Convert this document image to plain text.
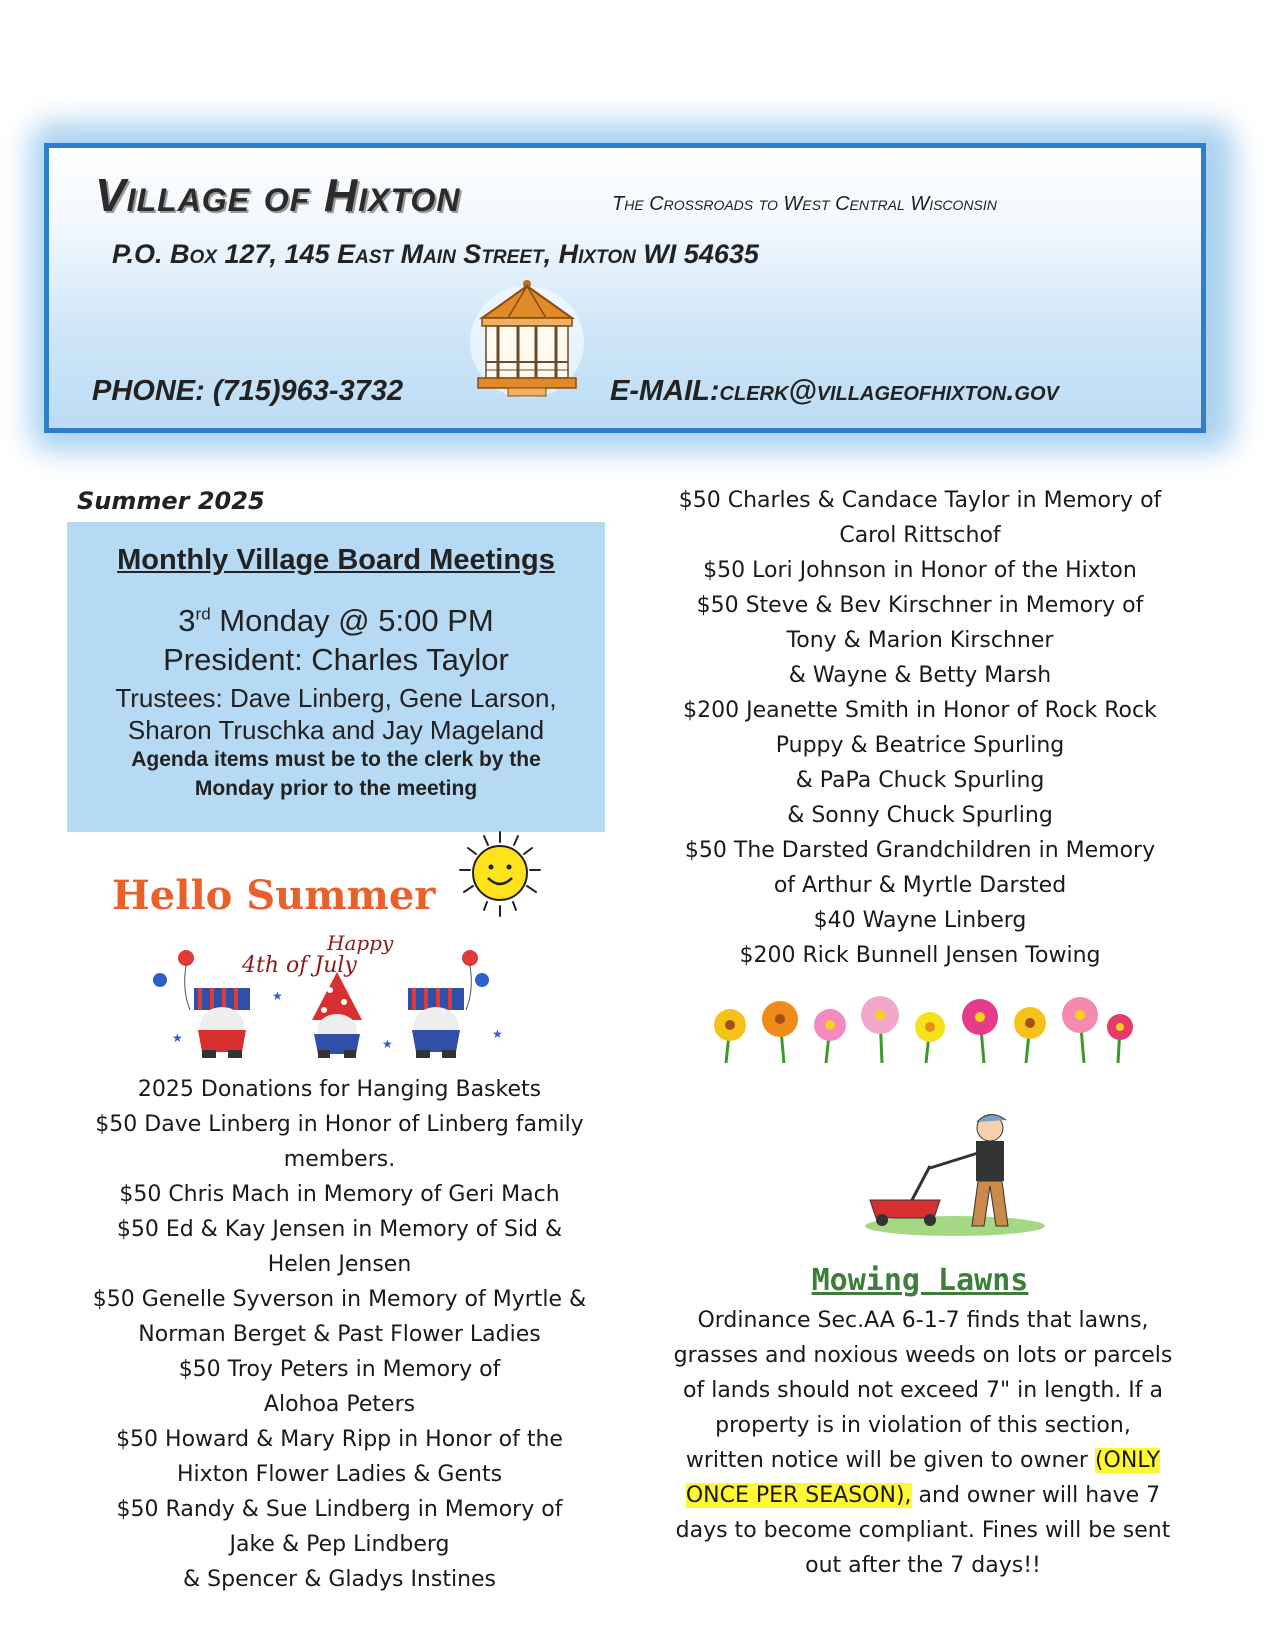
Village of Hixton	The Crossroads to West Central Wisconsin
P.O. Box 127, 145 East Main Street, Hixton WI 54635
PHONE: (715)963-3732	E-MAIL:clerk@villageofhixton.gov
Summer 2025
Monthly Village Board Meetings
3rd Monday @ 5:00 PM
President: Charles Taylor
Trustees: Dave Linberg, Gene Larson,
Sharon Truschka and Jay Mageland
Agenda items must be to the clerk by the
Monday prior to the meeting
Hello Summer
Happy
4th of July
★
★
★	★
2025 Donations for Hanging Baskets
$50 Dave Linberg in Honor of Linberg family
members.
$50 Chris Mach in Memory of Geri Mach
$50 Ed & Kay Jensen in Memory of Sid &
Helen Jensen
$50 Genelle Syverson in Memory of Myrtle &
Norman Berget & Past Flower Ladies
$50 Troy Peters in Memory of
Alohoa Peters
$50 Howard & Mary Ripp in Honor of the
Hixton Flower Ladies & Gents
$50 Randy & Sue Lindberg in Memory of
Jake & Pep Lindberg
& Spencer & Gladys Instines
$50 Charles & Candace Taylor in Memory of
Carol Rittschof
$50 Lori Johnson in Honor of the Hixton
$50 Steve & Bev Kirschner in Memory of
Tony & Marion Kirschner
& Wayne & Betty Marsh
$200 Jeanette Smith in Honor of Rock Rock
Puppy & Beatrice Spurling
& PaPa Chuck Spurling
& Sonny Chuck Spurling
$50 The Darsted Grandchildren in Memory
of Arthur & Myrtle Darsted
$40 Wayne Linberg
$200 Rick Bunnell Jensen Towing
Mowing Lawns
Ordinance Sec.AA 6-1-7 finds that lawns,
grasses and noxious weeds on lots or parcels
of lands should not exceed 7" in length. If a
property is in violation of this section,
written notice will be given to owner (ONLY
ONCE PER SEASON), and owner will have 7
days to become compliant. Fines will be sent
out after the 7 days!!
